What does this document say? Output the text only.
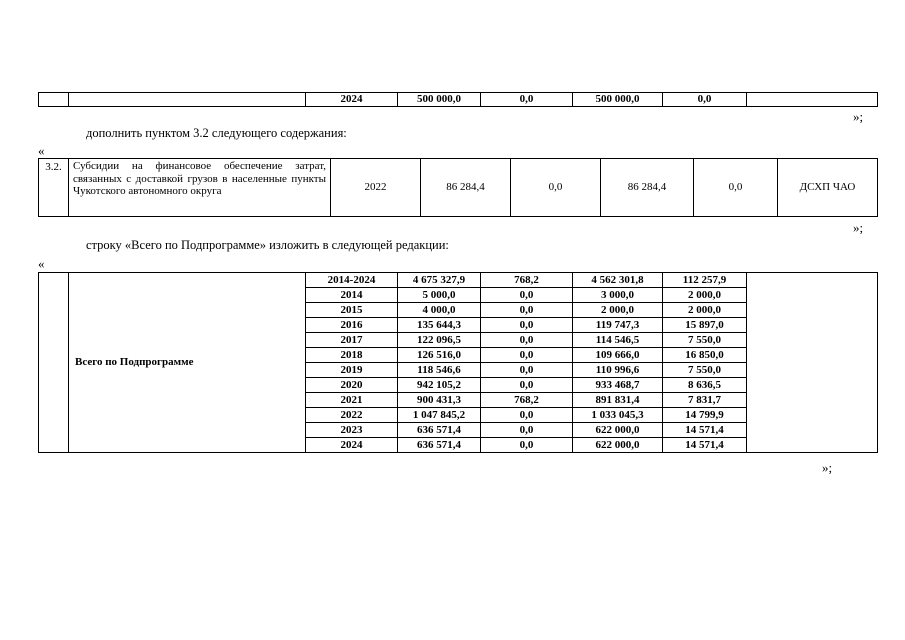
		2024	500 000,0	0,0	500 000,0	0,0	
»;
дополнить пунктом 3.2 следующего содержания:
«
3.2.	Субсидии на финансовое обеспечение затрат, связанных с доставкой грузов в населенные пункты Чукотского автономного округа	2022	86 284,4	0,0	86 284,4	0,0	ДСХП ЧАО
»;
строку «Всего по Подпрограмме» изложить в следующей редакции:
«
	Всего по Подпрограмме	2014-2024	4 675 327,9	768,2	4 562 301,8	112 257,9	
		2014	5 000,0	0,0	3 000,0	2 000,0	
		2015	4 000,0	0,0	2 000,0	2 000,0	
		2016	135 644,3	0,0	119 747,3	15 897,0	
		2017	122 096,5	0,0	114 546,5	7 550,0	
		2018	126 516,0	0,0	109 666,0	16 850,0	
		2019	118 546,6	0,0	110 996,6	7 550,0	
		2020	942 105,2	0,0	933 468,7	8 636,5	
		2021	900 431,3	768,2	891 831,4	7 831,7	
		2022	1 047 845,2	0,0	1 033 045,3	14 799,9	
		2023	636 571,4	0,0	622 000,0	14 571,4	
		2024	636 571,4	0,0	622 000,0	14 571,4	
»;
